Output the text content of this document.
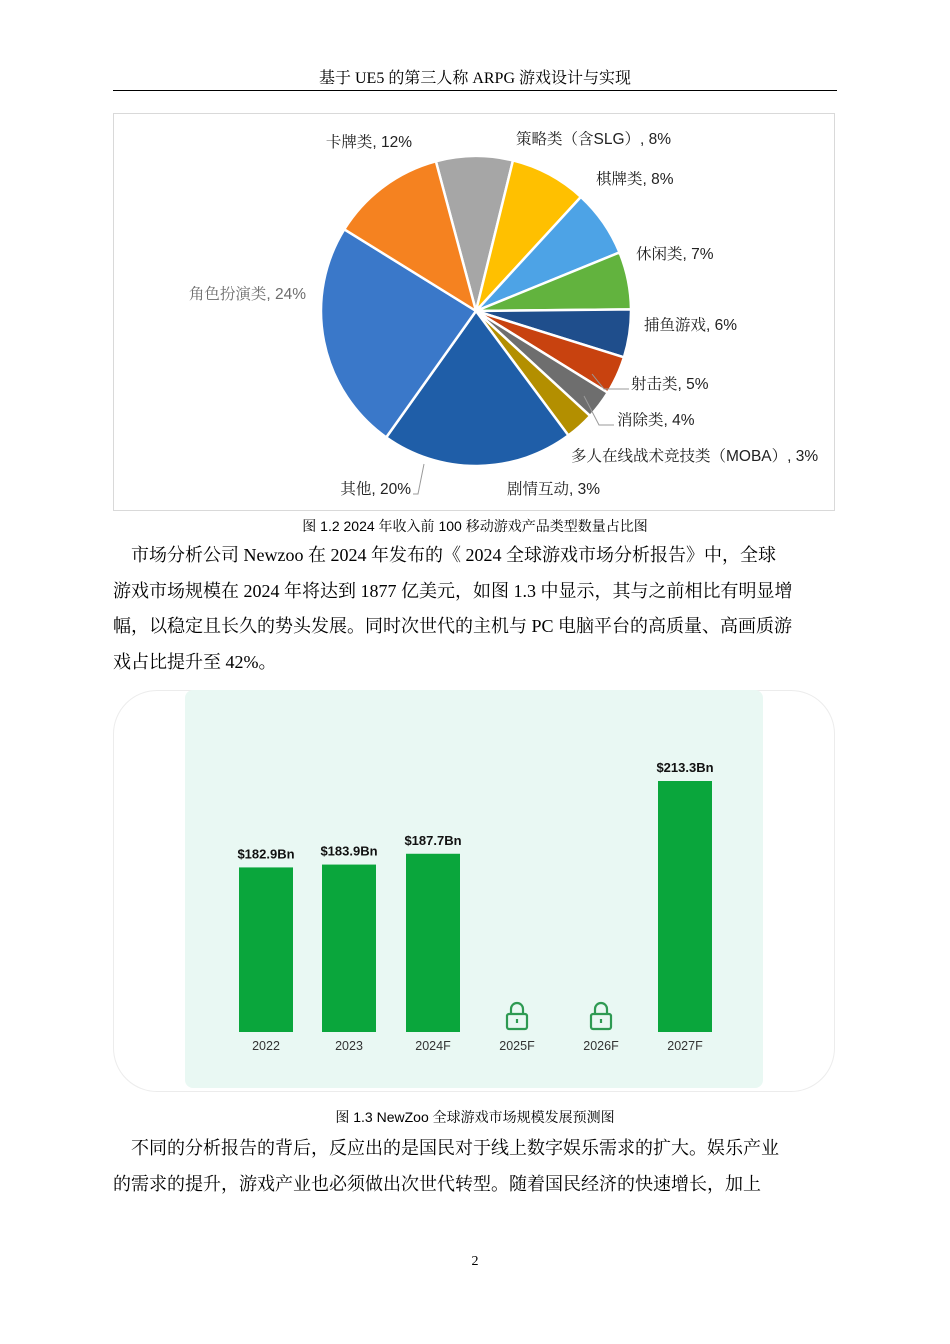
基于 UE5 的第三人称 ARPG 游戏设计与实现
策略类（含SLG）, 8%
棋牌类, 8%
休闲类, 7%
捕鱼游戏, 6%
射击类, 5%
消除类, 4%
多人在线战术竞技类（MOBA）, 3%
剧情互动, 3%
其他, 20%
角色扮演类, 24%
卡牌类, 12%
图 1.2 2024 年收入前 100 移动游戏产品类型数量占比图
　市场分析公司 Newzoo 在 2024 年发布的《 2024 全球游戏市场分析报告》中，全球
游戏市场规模在 2024 年将达到 1877 亿美元，如图 1.3 中显示，其与之前相比有明显增
幅，以稳定且长久的势头发展。同时次世代的主机与 PC 电脑平台的高质量、高画质游
戏占比提升至 42%。
$182.9Bn
2022
$183.9Bn
2023
$187.7Bn
2024F	2025F	2026F
$213.3Bn
2027F
图 1.3 NewZoo 全球游戏市场规模发展预测图
　不同的分析报告的背后，反应出的是国民对于线上数字娱乐需求的扩大。娱乐产业
的需求的提升，游戏产业也必须做出次世代转型。随着国民经济的快速增长，加上
2
